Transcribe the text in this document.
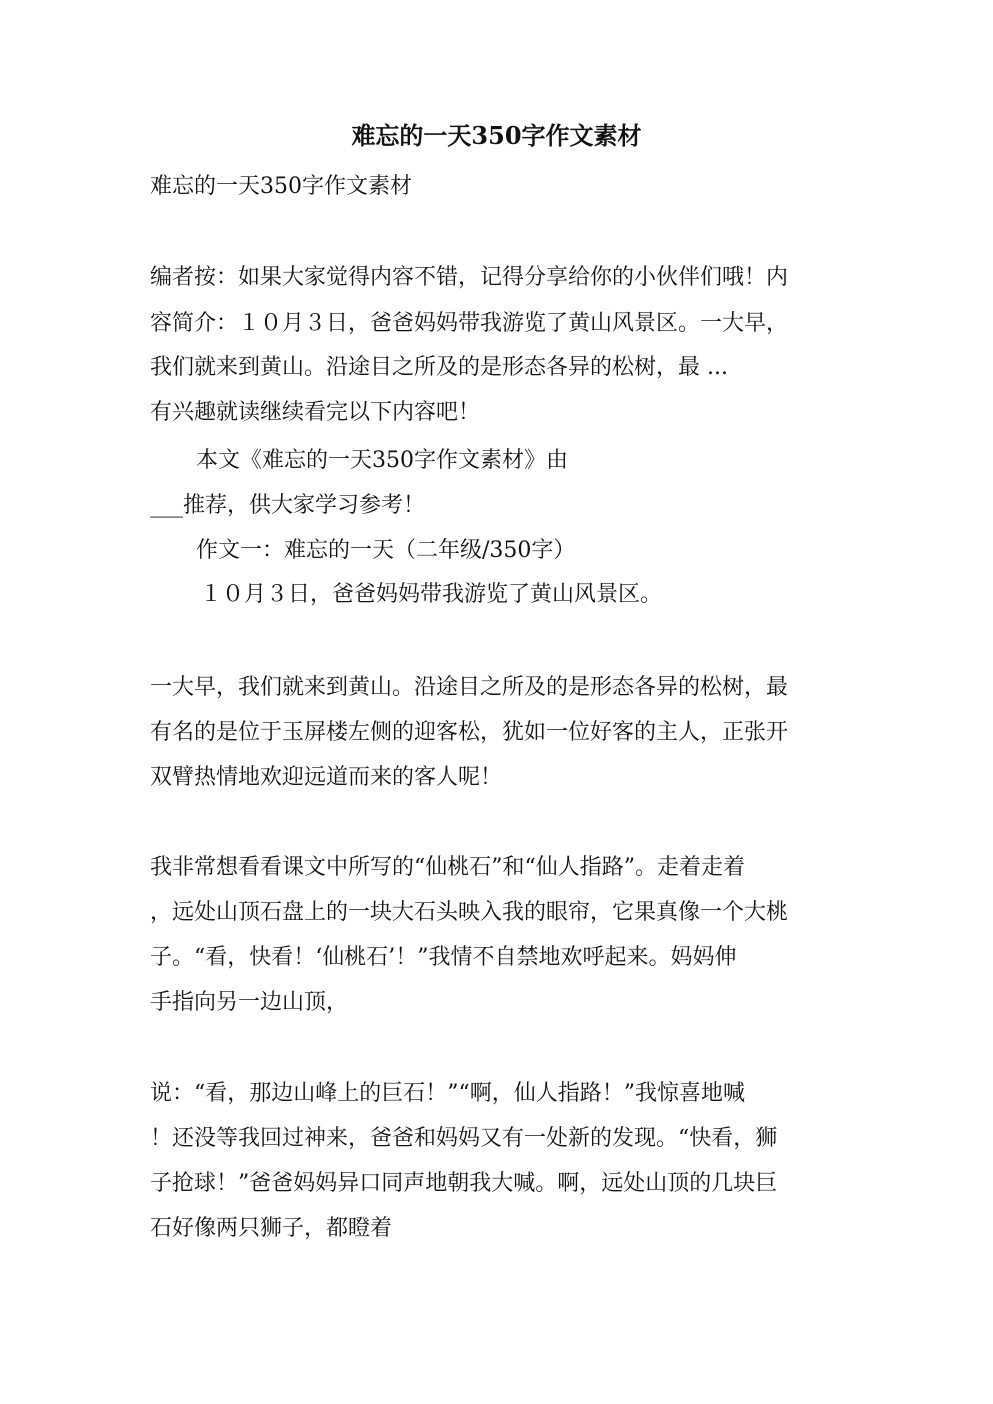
难忘的一天350字作文素材
难忘的一天350字作文素材
编者按：如果大家觉得内容不错，记得分享给你的小伙伴们哦！内
容简介：１０月３日，爸爸妈妈带我游览了黄山风景区。一大早，
我们就来到黄山。沿途目之所及的是形态各异的松树，最 ...
有兴趣就读继续看完以下内容吧！
本文《难忘的一天350字作文素材》由
___推荐，供大家学习参考！
作文一：难忘的一天（二年级/350字）
１０月３日，爸爸妈妈带我游览了黄山风景区。
一大早，我们就来到黄山。沿途目之所及的是形态各异的松树，最
有名的是位于玉屏楼左侧的迎客松，犹如一位好客的主人，正张开
双臂热情地欢迎远道而来的客人呢！
我非常想看看课文中所写的“仙桃石”和“仙人指路”。走着走着
，远处山顶石盘上的一块大石头映入我的眼帘，它果真像一个大桃
子。“看，快看！‘仙桃石’！”我情不自禁地欢呼起来。妈妈伸
手指向另一边山顶，
说：“看，那边山峰上的巨石！”“啊，仙人指路！”我惊喜地喊
！还没等我回过神来，爸爸和妈妈又有一处新的发现。“快看，狮
子抢球！”爸爸妈妈异口同声地朝我大喊。啊，远处山顶的几块巨
石好像两只狮子，都瞪着
